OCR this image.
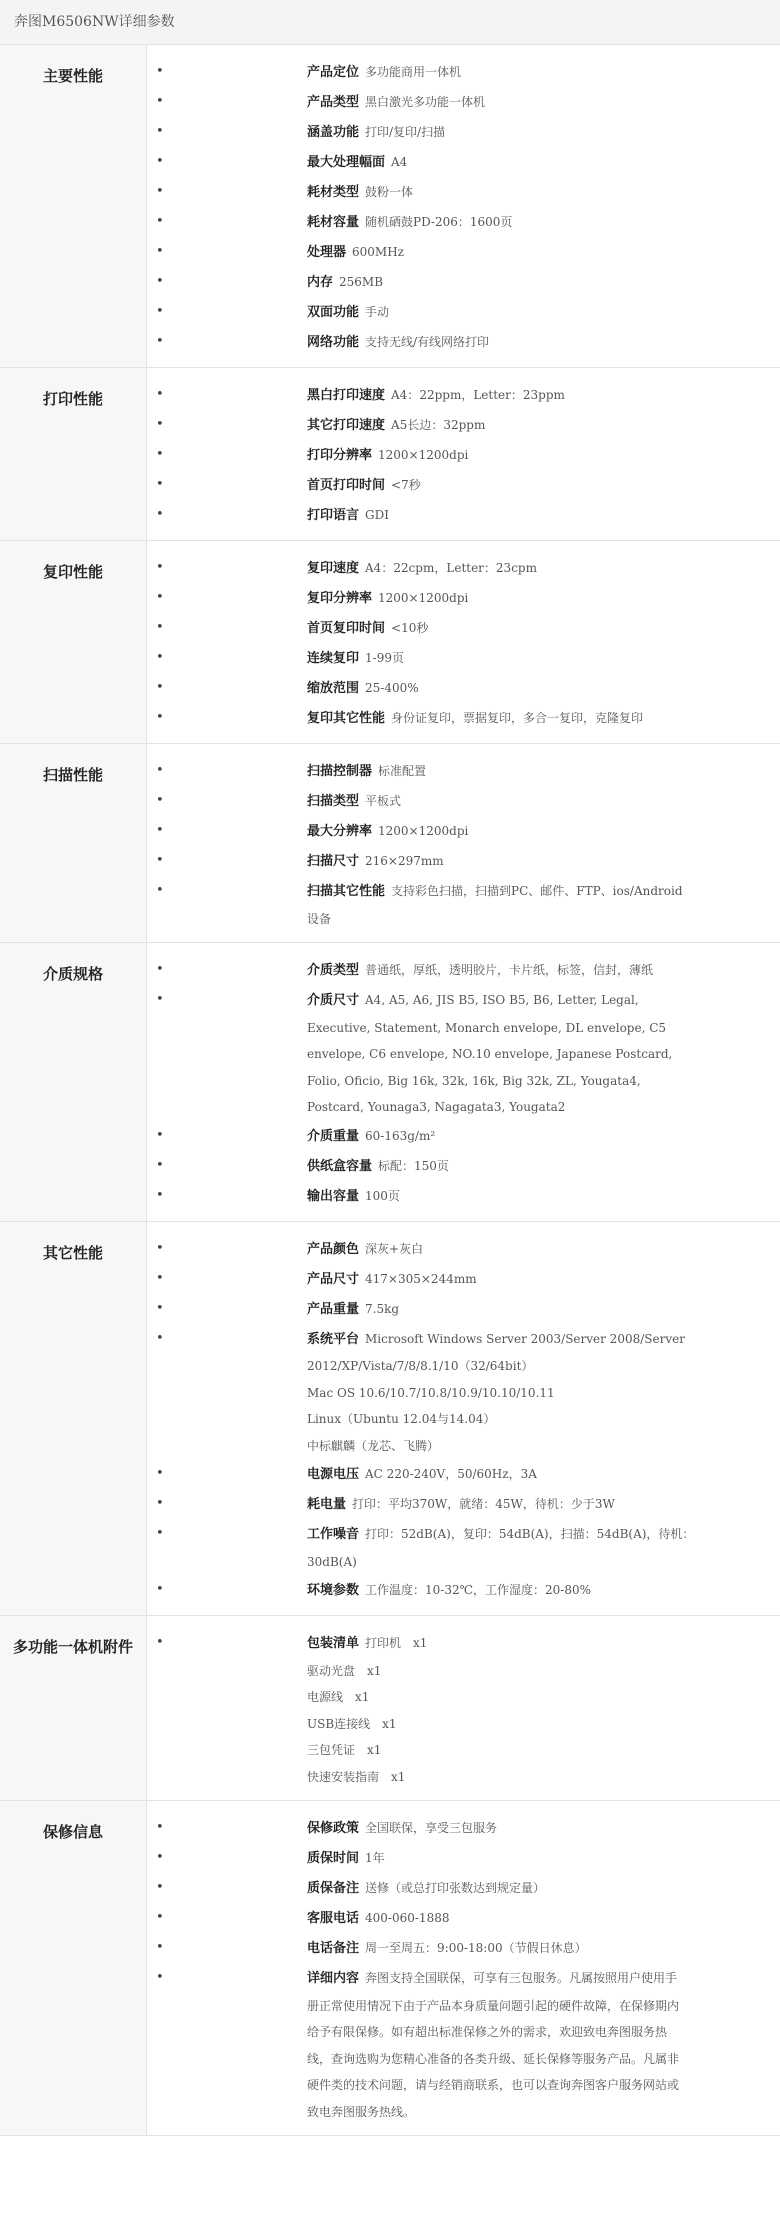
奔图M6506NW详细参数
主要性能	•	产品定位 多功能商用一体机
•	产品类型 黑白激光多功能一体机
•	涵盖功能 打印/复印/扫描
•	最大处理幅面 A4
•	耗材类型 鼓粉一体
•	耗材容量 随机硒鼓PD-206：1600页
•	处理器 600MHz
•	内存 256MB
•	双面功能 手动
•	网络功能 支持无线/有线网络打印
打印性能	•	黑白打印速度 A4：22ppm，Letter：23ppm
•	其它打印速度 A5长边：32ppm
•	打印分辨率 1200×1200dpi
•	首页打印时间 <7秒
•	打印语言 GDI
复印性能	•	复印速度 A4：22cpm，Letter：23cpm
•	复印分辨率 1200×1200dpi
•	首页复印时间 <10秒
•	连续复印 1-99页
•	缩放范围 25-400%
•	复印其它性能 身份证复印，票据复印，多合一复印，克隆复印
扫描性能	•	扫描控制器 标准配置
•	扫描类型 平板式
•	最大分辨率 1200×1200dpi
•	扫描尺寸 216×297mm
•	扫描其它性能 支持彩色扫描，扫描到PC、邮件、FTP、ios/Android
设备
介质规格	•	介质类型 普通纸，厚纸，透明胶片，卡片纸，标签，信封，薄纸
•	介质尺寸 A4, A5, A6, JIS B5, ISO B5, B6, Letter, Legal,
Executive, Statement, Monarch envelope, DL envelope, C5
envelope, C6 envelope, NO.10 envelope, Japanese Postcard,
Folio, Oficio, Big 16k, 32k, 16k, Big 32k, ZL, Yougata4,
Postcard, Younaga3, Nagagata3, Yougata2
•	介质重量 60-163g/m²
•	供纸盒容量 标配：150页
•	输出容量 100页
其它性能	•	产品颜色 深灰+灰白
•	产品尺寸 417×305×244mm
•	产品重量 7.5kg
•	系统平台 Microsoft Windows Server 2003/Server 2008/Server
2012/XP/Vista/7/8/8.1/10（32/64bit）
Mac OS 10.6/10.7/10.8/10.9/10.10/10.11
Linux（Ubuntu 12.04与14.04）
中标麒麟（龙芯、飞腾）
•	电源电压 AC 220-240V，50/60Hz，3A
•	耗电量 打印：平均370W，就绪：45W，待机：少于3W
•	工作噪音 打印：52dB(A)，复印：54dB(A)，扫描：54dB(A)，待机：
30dB(A)
•	环境参数 工作温度：10-32℃，工作湿度：20-80%
多功能一体机附件	•	包装清单 打印机　x1
驱动光盘　x1
电源线　x1
USB连接线　x1
三包凭证　x1
快速安装指南　x1
保修信息	•	保修政策 全国联保，享受三包服务
•	质保时间 1年
•	质保备注 送修（或总打印张数达到规定量）
•	客服电话 400-060-1888
•	电话备注 周一至周五：9:00-18:00（节假日休息）
•	详细内容 奔图支持全国联保，可享有三包服务。凡属按照用户使用手
册正常使用情况下由于产品本身质量问题引起的硬件故障，在保修期内
给予有限保修。如有超出标准保修之外的需求，欢迎致电奔图服务热
线，查询选购为您精心准备的各类升级、延长保修等服务产品。凡属非
硬件类的技术问题，请与经销商联系，也可以查询奔图客户服务网站或
致电奔图服务热线。
